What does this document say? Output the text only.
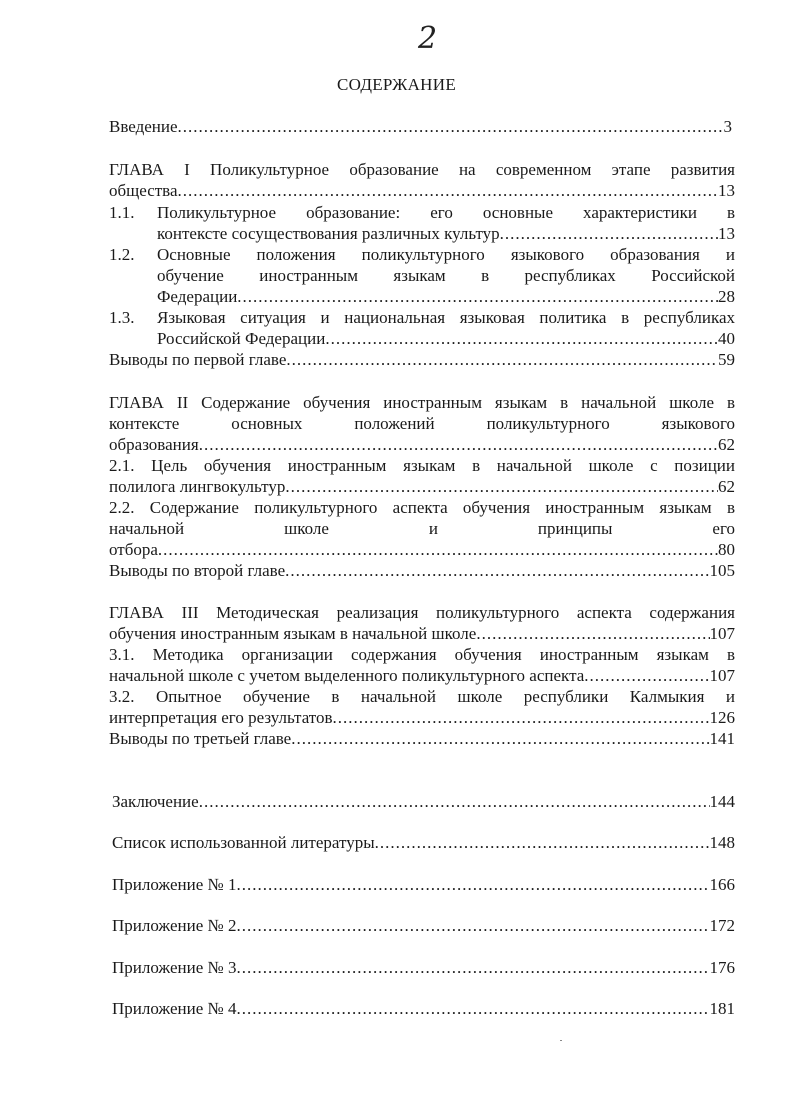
2
СОДЕРЖАНИЕ
Введение .....	3
ГЛАВА I Поликультурное образование на современном этапе развития
общества .....	13
1.1.	Поликультурное образование: его основные характеристики в
контексте сосуществования различных культур .....	13
1.2.	Основные положения поликультурного языкового образования и
обучение иностранным языкам в республиках Российской
Федерации .....	28
1.3.	Языковая ситуация и национальная языковая политика в республиках
Российской Федерации .....	40
Выводы по первой главе .....	59
ГЛАВА II Содержание обучения иностранным языкам в начальной школе в
контексте основных положений поликультурного языкового
образования .....	62
2.1. Цель обучения иностранным языкам в начальной школе с позиции
полилога лингвокультур .....	62
2.2. Содержание поликультурного аспекта обучения иностранным языкам в
начальной школе и принципы его
отбора .....	80
Выводы по второй главе .....	105
ГЛАВА III Методическая реализация поликультурного аспекта содержания
обучения иностранным языкам в начальной школе .....	107
3.1. Методика организации содержания обучения иностранным языкам в
начальной школе с учетом выделенного поликультурного аспекта .....	107
3.2. Опытное обучение в начальной школе республики Калмыкия и
интерпретация его результатов .....	126
Выводы по третьей главе .....	141
Заключение .....	144
Список использованной литературы .....	148
Приложение № 1 .....	166
Приложение № 2 .....	172
Приложение № 3 .....	176
Приложение № 4 .....	181
